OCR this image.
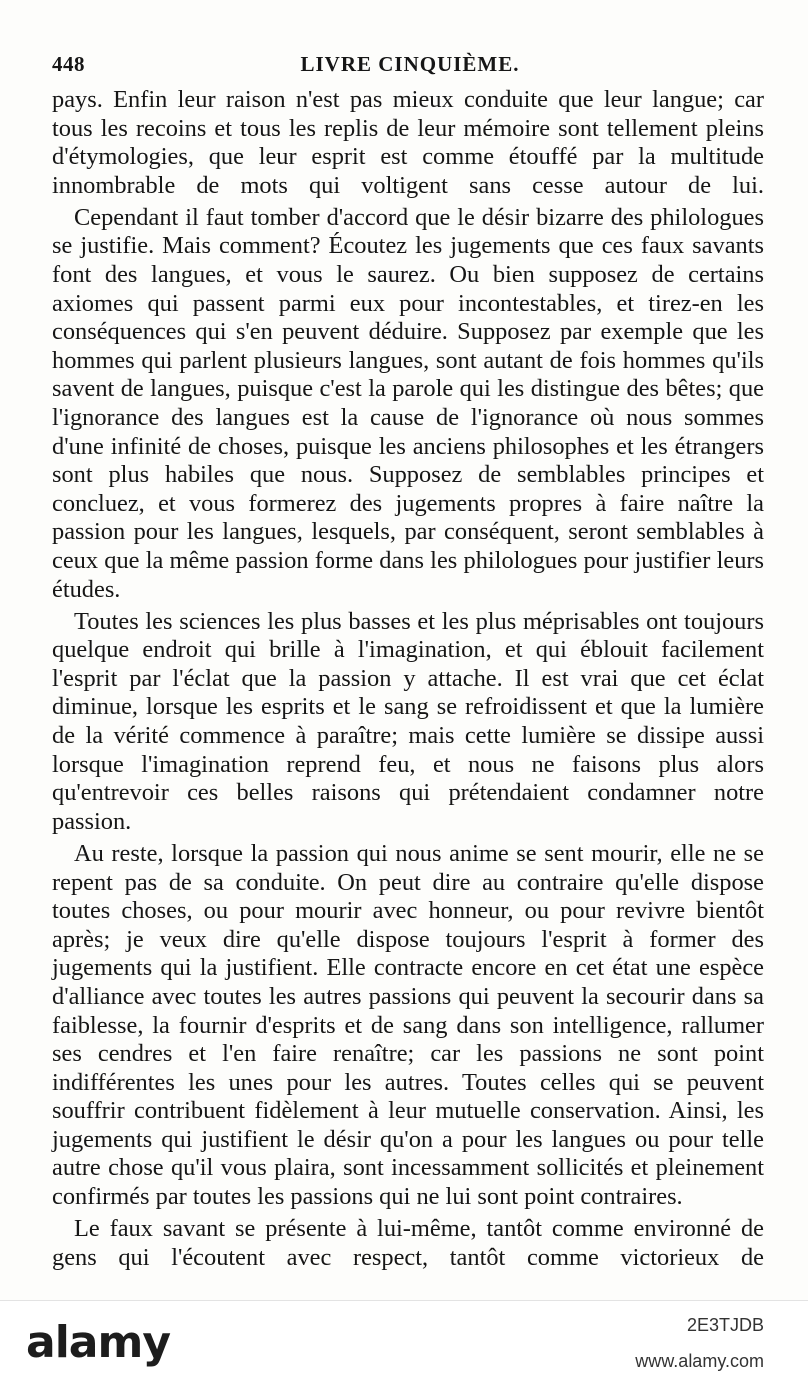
448	LIVRE CINQUIÈME.

pays. Enfin leur raison n'est pas mieux conduite que leur langue; car tous les recoins et tous les replis de leur mémoire sont tellement pleins d'étymologies, que leur esprit est comme étouffé par la multitude innombrable de mots qui voltigent sans cesse autour de lui.

Cependant il faut tomber d'accord que le désir bizarre des philologues se justifie. Mais comment? Écoutez les jugements que ces faux savants font des langues, et vous le saurez. Ou bien supposez de certains axiomes qui passent parmi eux pour incontestables, et tirez-en les conséquences qui s'en peuvent déduire. Supposez par exemple que les hommes qui parlent plusieurs langues, sont autant de fois hommes qu'ils savent de langues, puisque c'est la parole qui les distingue des bêtes; que l'ignorance des langues est la cause de l'ignorance où nous sommes d'une infinité de choses, puisque les anciens philosophes et les étrangers sont plus habiles que nous. Supposez de semblables principes et concluez, et vous formerez des jugements propres à faire naître la passion pour les langues, lesquels, par conséquent, seront semblables à ceux que la même passion forme dans les philologues pour justifier leurs études.

Toutes les sciences les plus basses et les plus méprisables ont toujours quelque endroit qui brille à l'imagination, et qui éblouit facilement l'esprit par l'éclat que la passion y attache. Il est vrai que cet éclat diminue, lorsque les esprits et le sang se refroidissent et que la lumière de la vérité commence à paraître; mais cette lumière se dissipe aussi lorsque l'imagination reprend feu, et nous ne faisons plus alors qu'entrevoir ces belles raisons qui prétendaient condamner notre passion.

Au reste, lorsque la passion qui nous anime se sent mourir, elle ne se repent pas de sa conduite. On peut dire au contraire qu'elle dispose toutes choses, ou pour mourir avec honneur, ou pour revivre bientôt après; je veux dire qu'elle dispose toujours l'esprit à former des jugements qui la justifient. Elle contracte encore en cet état une espèce d'alliance avec toutes les autres passions qui peuvent la secourir dans sa faiblesse, la fournir d'esprits et de sang dans son intelligence, rallumer ses cendres et l'en faire renaître; car les passions ne sont point indifférentes les unes pour les autres. Toutes celles qui se peuvent souffrir contribuent fidèlement à leur mutuelle conservation. Ainsi, les jugements qui justifient le désir qu'on a pour les langues ou pour telle autre chose qu'il vous plaira, sont incessamment sollicités et pleinement confirmés par toutes les passions qui ne lui sont point contraires.

Le faux savant se présente à lui-même, tantôt comme environné de gens qui l'écoutent avec respect, tantôt comme victorieux de

alamy	2E3TJDB
www.alamy.com
